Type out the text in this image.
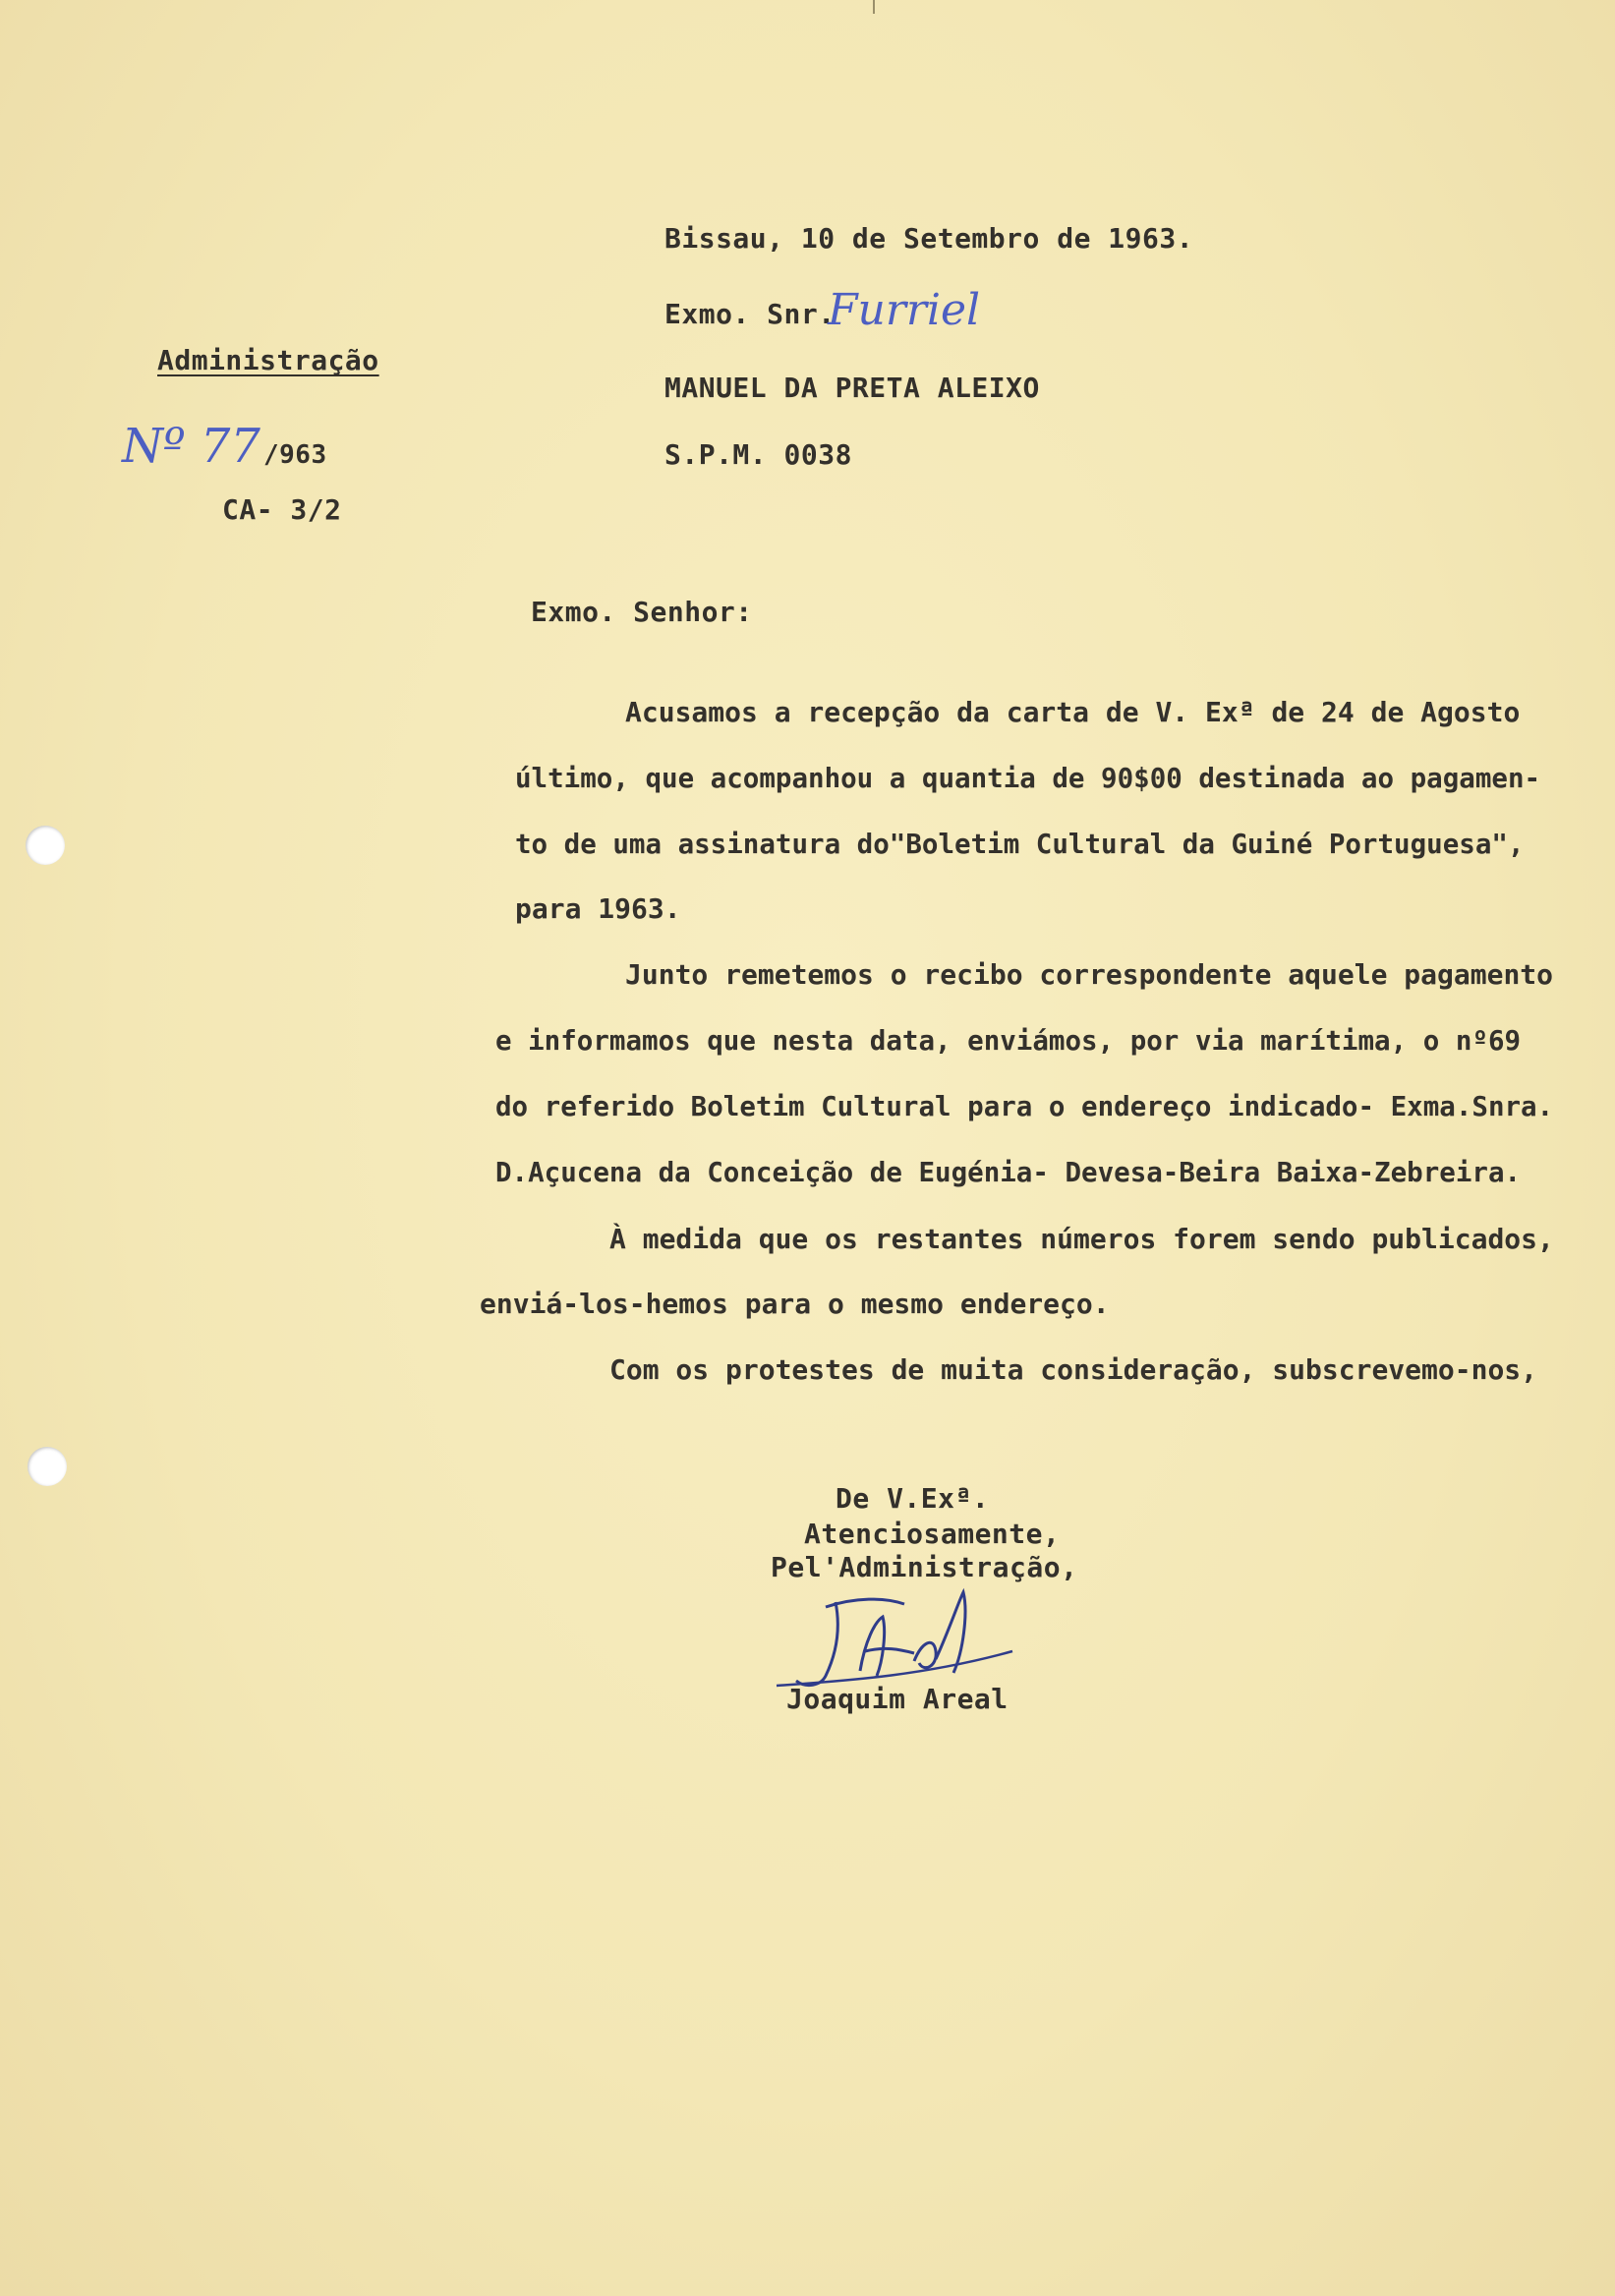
Bissau, 10 de Setembro de 1963.
Exmo. Snr.
Furriel
MANUEL DA PRETA ALEIXO
S.P.M. 0038
Administração
Nº 77 /963
CA- 3/2
Exmo. Senhor:
Acusamos a recepção da carta de V. Exª de 24 de Agosto
último, que acompanhou a quantia de 90$00 destinada ao pagamen-
to de uma assinatura do"Boletim Cultural da Guiné Portuguesa",
para 1963.
Junto remetemos o recibo correspondente aquele pagamento
e informamos que nesta data, enviámos, por via marítima, o nº69
do referido Boletim Cultural para o endereço indicado- Exma.Snra.
D.Açucena da Conceição de Eugénia- Devesa-Beira Baixa-Zebreira.
À medida que os restantes números forem sendo publicados,
enviá-los-hemos para o mesmo endereço.
Com os protestes de muita consideração, subscrevemo-nos,
De V.Exª.
Atenciosamente,
Pel'Administração,
Joaquim Areal
